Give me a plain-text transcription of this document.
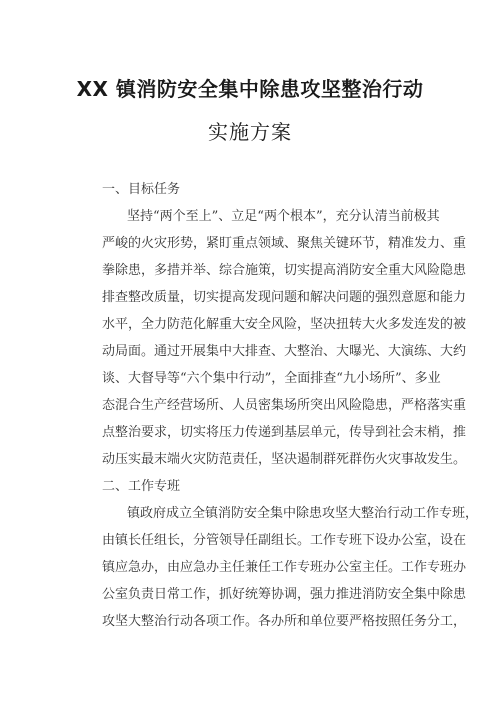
XX 镇消防安全集中除患攻坚整治行动
实施方案
一、目标任务
坚持“两个至上”、立足“两个根本”，充分认清当前极其
严峻的火灾形势，紧盯重点领域、聚焦关键环节，精准发力、重
拳除患，多措并举、综合施策，切实提高消防安全重大风险隐患
排查整改质量，切实提高发现问题和解决问题的强烈意愿和能力
水平，全力防范化解重大安全风险，坚决扭转大火多发连发的被
动局面。通过开展集中大排查、大整治、大曝光、大演练、大约
谈、大督导等“六个集中行动”，全面排查“九小场所”、多业
态混合生产经营场所、人员密集场所突出风险隐患，严格落实重
点整治要求，切实将压力传递到基层单元，传导到社会末梢，推
动压实最末端火灾防范责任，坚决遏制群死群伤火灾事故发生。
二、工作专班
镇政府成立全镇消防安全集中除患攻坚大整治行动工作专班，
由镇长任组长，分管领导任副组长。工作专班下设办公室，设在
镇应急办，由应急办主任兼任工作专班办公室主任。工作专班办
公室负责日常工作，抓好统筹协调，强力推进消防安全集中除患
攻坚大整治行动各项工作。各办所和单位要严格按照任务分工，
